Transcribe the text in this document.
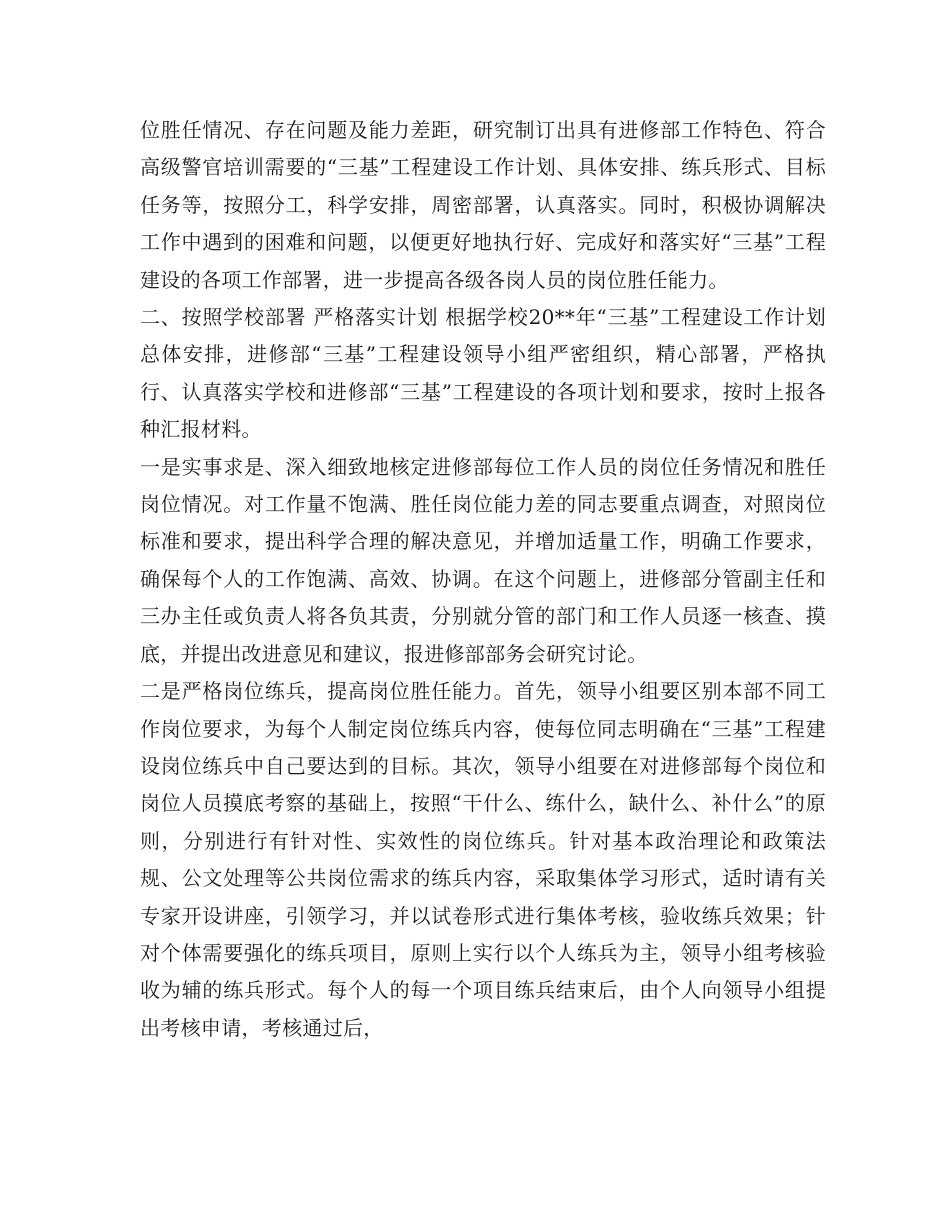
位胜任情况、存在问题及能力差距，研究制订出具有进修部工作特色、符合高级警官培训需要的“三基”工程建设工作计划、具体安排、练兵形式、目标任务等，按照分工，科学安排，周密部署，认真落实。同时，积极协调解决工作中遇到的困难和问题，以便更好地执行好、完成好和落实好“三基”工程建设的各项工作部署，进一步提高各级各岗人员的岗位胜任能力。

二、按照学校部署 严格落实计划 根据学校20**年“三基”工程建设工作计划总体安排，进修部“三基”工程建设领导小组严密组织，精心部署，严格执行、认真落实学校和进修部“三基”工程建设的各项计划和要求，按时上报各种汇报材料。

一是实事求是、深入细致地核定进修部每位工作人员的岗位任务情况和胜任岗位情况。对工作量不饱满、胜任岗位能力差的同志要重点调查，对照岗位标准和要求，提出科学合理的解决意见，并增加适量工作，明确工作要求，确保每个人的工作饱满、高效、协调。在这个问题上，进修部分管副主任和三办主任或负责人将各负其责，分别就分管的部门和工作人员逐一核查、摸底，并提出改进意见和建议，报进修部部务会研究讨论。

二是严格岗位练兵，提高岗位胜任能力。首先，领导小组要区别本部不同工作岗位要求，为每个人制定岗位练兵内容，使每位同志明确在“三基”工程建设岗位练兵中自己要达到的目标。其次，领导小组要在对进修部每个岗位和岗位人员摸底考察的基础上，按照“干什么、练什么，缺什么、补什么”的原则，分别进行有针对性、实效性的岗位练兵。针对基本政治理论和政策法规、公文处理等公共岗位需求的练兵内容，采取集体学习形式，适时请有关专家开设讲座，引领学习，并以试卷形式进行集体考核，验收练兵效果；针对个体需要强化的练兵项目，原则上实行以个人练兵为主，领导小组考核验收为辅的练兵形式。每个人的每一个项目练兵结束后，由个人向领导小组提出考核申请，考核通过后，
